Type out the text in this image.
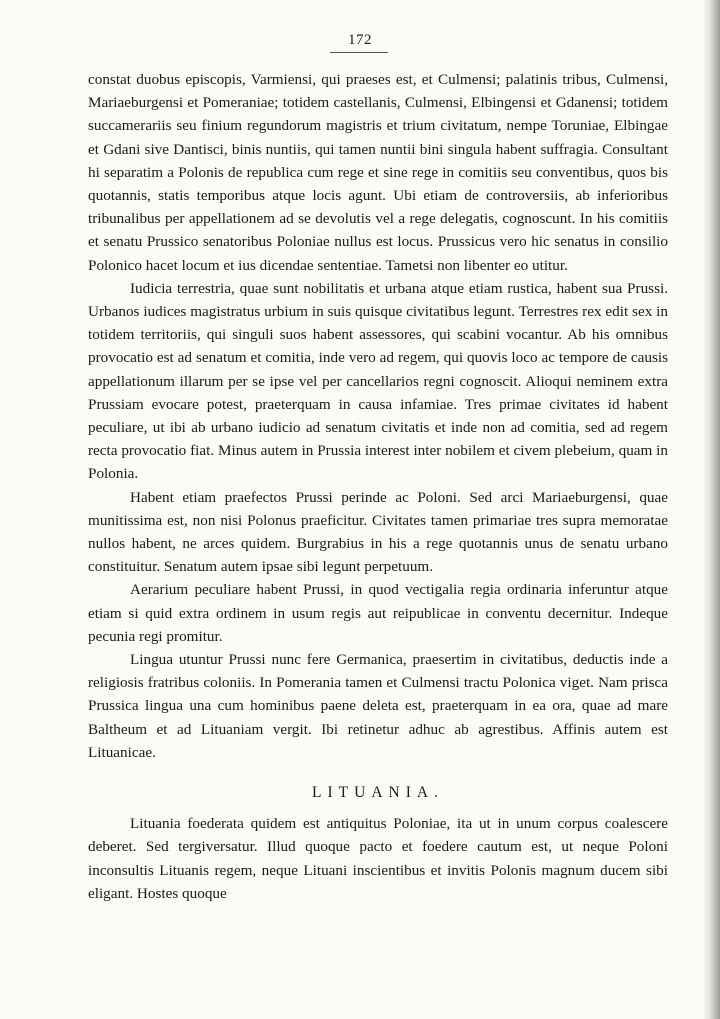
172

constat duobus episcopis, Varmiensi, qui praeses est, et Culmensi; palatinis tribus, Culmensi, Mariaeburgensi et Pomeraniae; totidem castellanis, Culmensi, Elbingensi et Gdanensi; totidem succamerariis seu finium regundorum magistris et trium civitatum, nempe Toruniae, Elbingae et Gdani sive Dantisci, binis nuntiis, qui tamen nuntii bini singula habent suffragia. Consultant hi separatim a Polonis de republica cum rege et sine rege in comitiis seu conventibus, quos bis quotannis, statis temporibus atque locis agunt. Ubi etiam de controversiis, ab inferioribus tribunalibus per appellationem ad se devolutis vel a rege delegatis, cognoscunt. In his comitiis et senatu Prussico senatoribus Poloniae nullus est locus. Prussicus vero hic senatus in consilio Polonico hacet locum et ius dicendae sententiae. Tametsi non libenter eo utitur.

Iudicia terrestria, quae sunt nobilitatis et urbana atque etiam rustica, habent sua Prussi. Urbanos iudices magistratus urbium in suis quisque civitatibus legunt. Terrestres rex edit sex in totidem territoriis, qui singuli suos habent assessores, qui scabini vocantur. Ab his omnibus provocatio est ad senatum et comitia, inde vero ad regem, qui quovis loco ac tempore de causis appellationum illarum per se ipse vel per cancellarios regni cognoscit. Alioqui neminem extra Prussiam evocare potest, praeterquam in causa infamiae. Tres primae civitates id habent peculiare, ut ibi ab urbano iudicio ad senatum civitatis et inde non ad comitia, sed ad regem recta provocatio fiat. Minus autem in Prussia interest inter nobilem et civem plebeium, quam in Polonia.

Habent etiam praefectos Prussi perinde ac Poloni. Sed arci Mariaeburgensi, quae munitissima est, non nisi Polonus praeficitur. Civitates tamen primariae tres supra memoratae nullos habent, ne arces quidem. Burgrabius in his a rege quotannis unus de senatu urbano constituitur. Senatum autem ipsae sibi legunt perpetuum.

Aerarium peculiare habent Prussi, in quod vectigalia regia ordinaria inferuntur atque etiam si quid extra ordinem in usum regis aut reipublicae in conventu decernitur. Indeque pecunia regi promitur.

Lingua utuntur Prussi nunc fere Germanica, praesertim in civitatibus, deductis inde a religiosis fratribus coloniis. In Pomerania tamen et Culmensi tractu Polonica viget. Nam prisca Prussica lingua una cum hominibus paene deleta est, praeterquam in ea ora, quae ad mare Baltheum et ad Lituaniam vergit. Ibi retinetur adhuc ab agrestibus. Affinis autem est Lituanicae.

LITUANIA.

Lituania foederata quidem est antiquitus Poloniae, ita ut in unum corpus coalescere deberet. Sed tergiversatur. Illud quoque pacto et foedere cautum est, ut neque Poloni inconsultis Lituanis regem, neque Lituani inscientibus et invitis Polonis magnum ducem sibi eligant. Hostes quoque
